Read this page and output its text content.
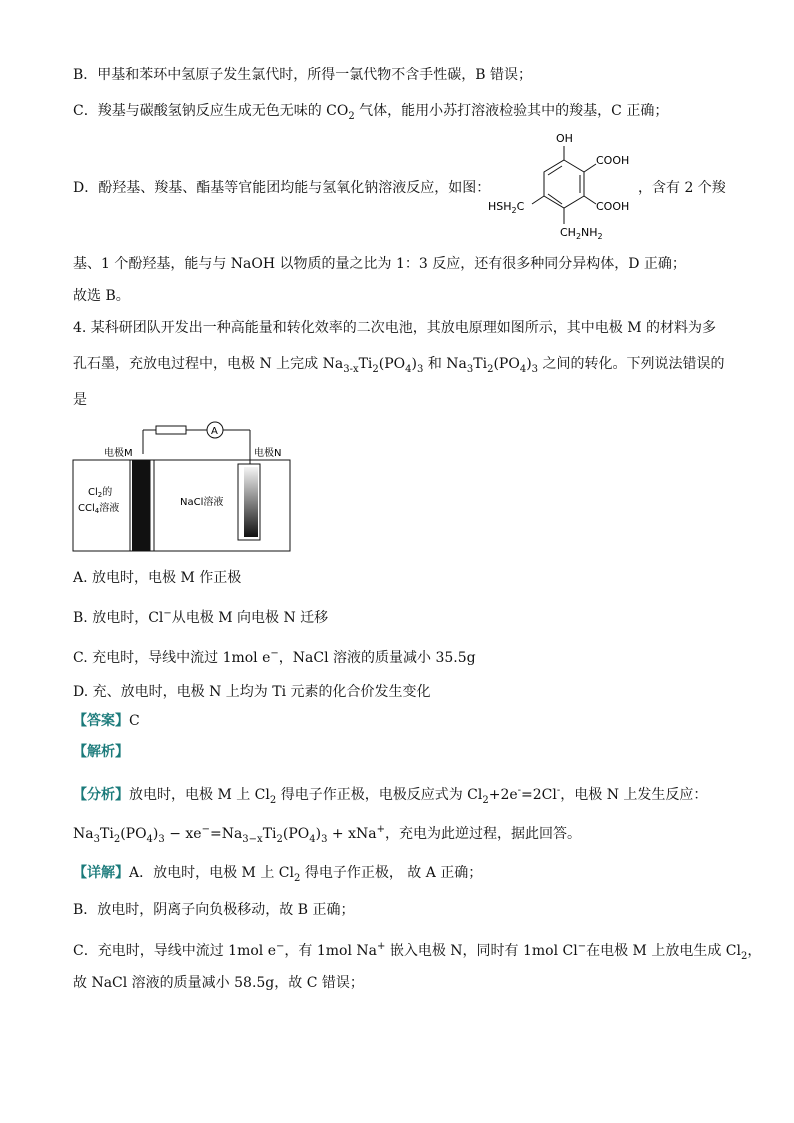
B．甲基和苯环中氢原子发生氯代时，所得一氯代物不含手性碳，B 错误；
C．羧基与碳酸氢钠反应生成无色无味的 $CO_2$ 气体，能用小苏打溶液检验其中的羧基，C 正确；
D．酚羟基、羧基、酯基等官能团均能与氢氧化钠溶液反应，如图：
OH
COOH
COOH
$HSH_2C$
$CH_2NH_2$
，含有 2 个羧
基、1 个酚羟基，能与与 NaOH 以物质的量之比为 1：3 反应，还有很多种同分异构体，D 正确；
故选 B。
4. 某科研团队开发出一种高能量和转化效率的二次电池，其放电原理如图所示，其中电极 M 的材料为多
孔石墨，充放电过程中，电极 N 上完成 $Na_{3-x}Ti_2(PO_4)_3$ 和 $Na_3Ti_2(PO_4)_3$ 之间的转化。下列说法错误的
是
电极M	电极N
A
$Cl_2$的
CCl$_4$溶液
NaCl溶液
A. 放电时，电极 M 作正极
B. 放电时，Cl−从电极 M 向电极 N 迁移
C. 充电时，导线中流过 1mol e−，NaCl 溶液的质量减小 35.5g
D. 充、放电时，电极 N 上均为 Ti 元素的化合价发生变化
【答案】C
【解析】
【分析】放电时，电极 M 上 $Cl_2$ 得电子作正极，电极反应式为 $Cl_2+2e^-=2Cl^-$，电极 N 上发生反应：
$Na_3Ti_2(PO_4)_3 - xe^-=Na_{3-x}Ti_2(PO_4)_3 + xNa^+$，充电为此逆过程，据此回答。
【详解】A．放电时，电极 M 上 $Cl_2$ 得电子作正极， 故 A 正确；
B．放电时，阴离子向负极移动，故 B 正确；
C．充电时，导线中流过 1mol e−，有 1mol Na+ 嵌入电极 N，同时有 1mol Cl−在电极 M 上放电生成 $Cl_2$，
故 NaCl 溶液的质量减小 58.5g，故 C 错误；
